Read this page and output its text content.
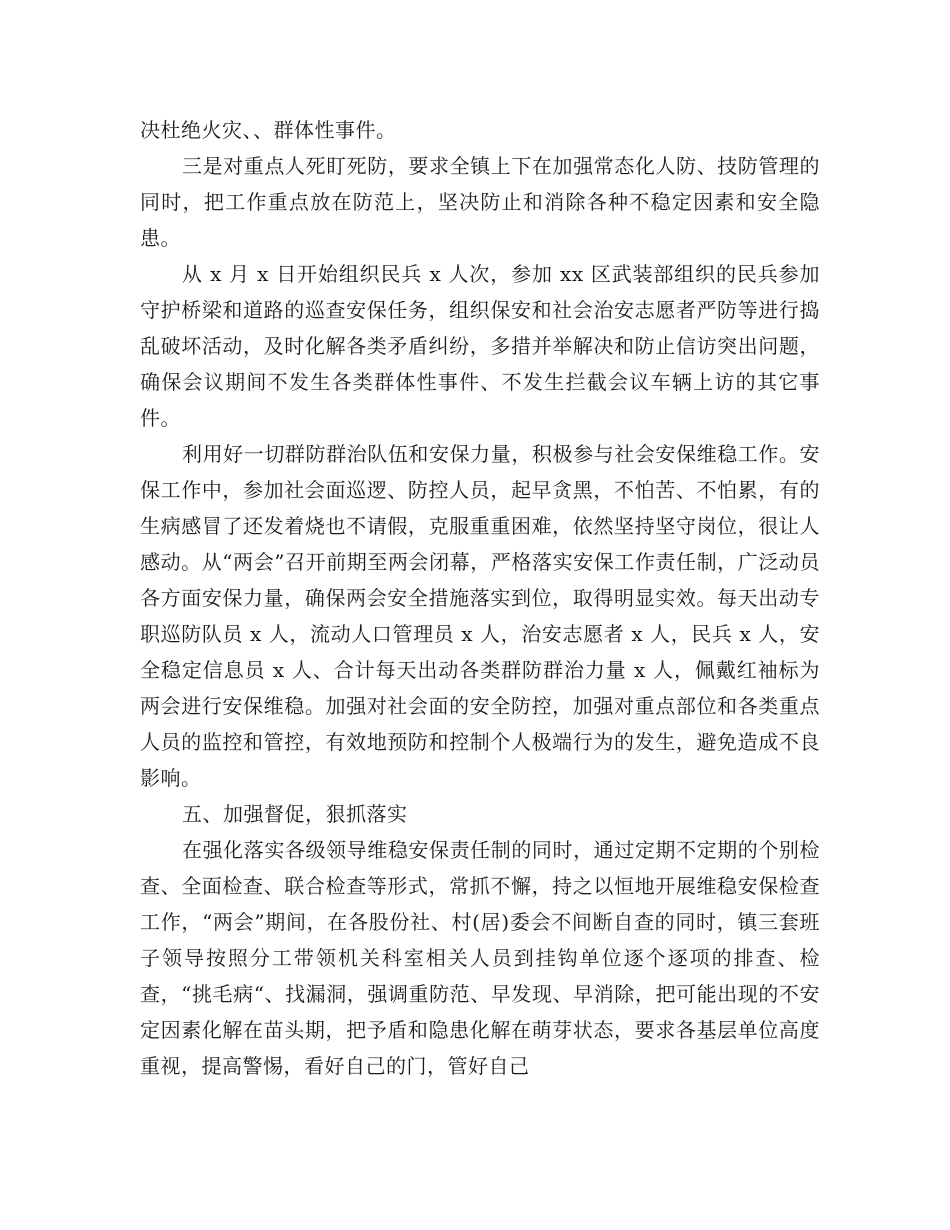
决杜绝火灾、、群体性事件。

三是对重点人死盯死防，要求全镇上下在加强常态化人防、技防管理的同时，把工作重点放在防范上，坚决防止和消除各种不稳定因素和安全隐患。

从 x 月 x 日开始组织民兵 x 人次，参加 xx 区武装部组织的民兵参加守护桥梁和道路的巡查安保任务，组织保安和社会治安志愿者严防等进行捣乱破坏活动，及时化解各类矛盾纠纷，多措并举解决和防止信访突出问题，确保会议期间不发生各类群体性事件、不发生拦截会议车辆上访的其它事件。

利用好一切群防群治队伍和安保力量，积极参与社会安保维稳工作。安保工作中，参加社会面巡逻、防控人员，起早贪黑，不怕苦、不怕累，有的生病感冒了还发着烧也不请假，克服重重困难，依然坚持坚守岗位，很让人感动。从“两会”召开前期至两会闭幕，严格落实安保工作责任制，广泛动员各方面安保力量，确保两会安全措施落实到位，取得明显实效。每天出动专职巡防队员 x 人，流动人口管理员 x 人，治安志愿者 x 人，民兵 x 人，安全稳定信息员 x 人、合计每天出动各类群防群治力量 x 人，佩戴红袖标为两会进行安保维稳。加强对社会面的安全防控，加强对重点部位和各类重点人员的监控和管控，有效地预防和控制个人极端行为的发生，避免造成不良影响。

五、加强督促，狠抓落实

在强化落实各级领导维稳安保责任制的同时，通过定期不定期的个别检查、全面检查、联合检查等形式，常抓不懈，持之以恒地开展维稳安保检查工作，“两会”期间，在各股份社、村(居)委会不间断自查的同时，镇三套班子领导按照分工带领机关科室相关人员到挂钩单位逐个逐项的排查、检查，“挑毛病“、找漏洞，强调重防范、早发现、早消除，把可能出现的不安定因素化解在苗头期，把予盾和隐患化解在萌芽状态，要求各基层单位高度重视，提高警惕，看好自己的门，管好自己
